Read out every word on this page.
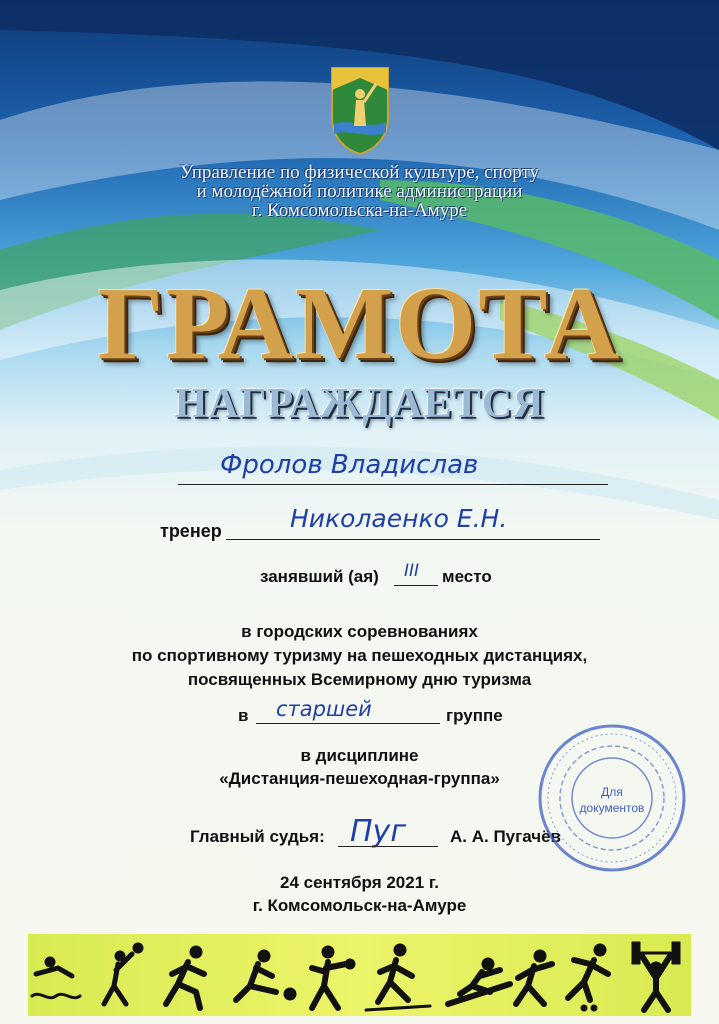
Управление по физической культуре, спорту
и молодёжной политике администрации
г. Комсомольска-на-Амуре
ГРАМОТА
НАГРАЖДАЕТСЯ
Фролов Владислав
тренер	Николаенко Е.Н.
занявший (ая) III место
в городских соревнованиях
по спортивному туризму на пешеходных дистанциях,
посвященных Всемирному дню туризма
в старшей	группе
в дисциплине
«Дистанция-пешеходная-группа»
Главный судья: Пуг	А. А. Пугачёв
24 сентября 2021 г.
г. Комсомольск-на-Амуре
Для
документов
